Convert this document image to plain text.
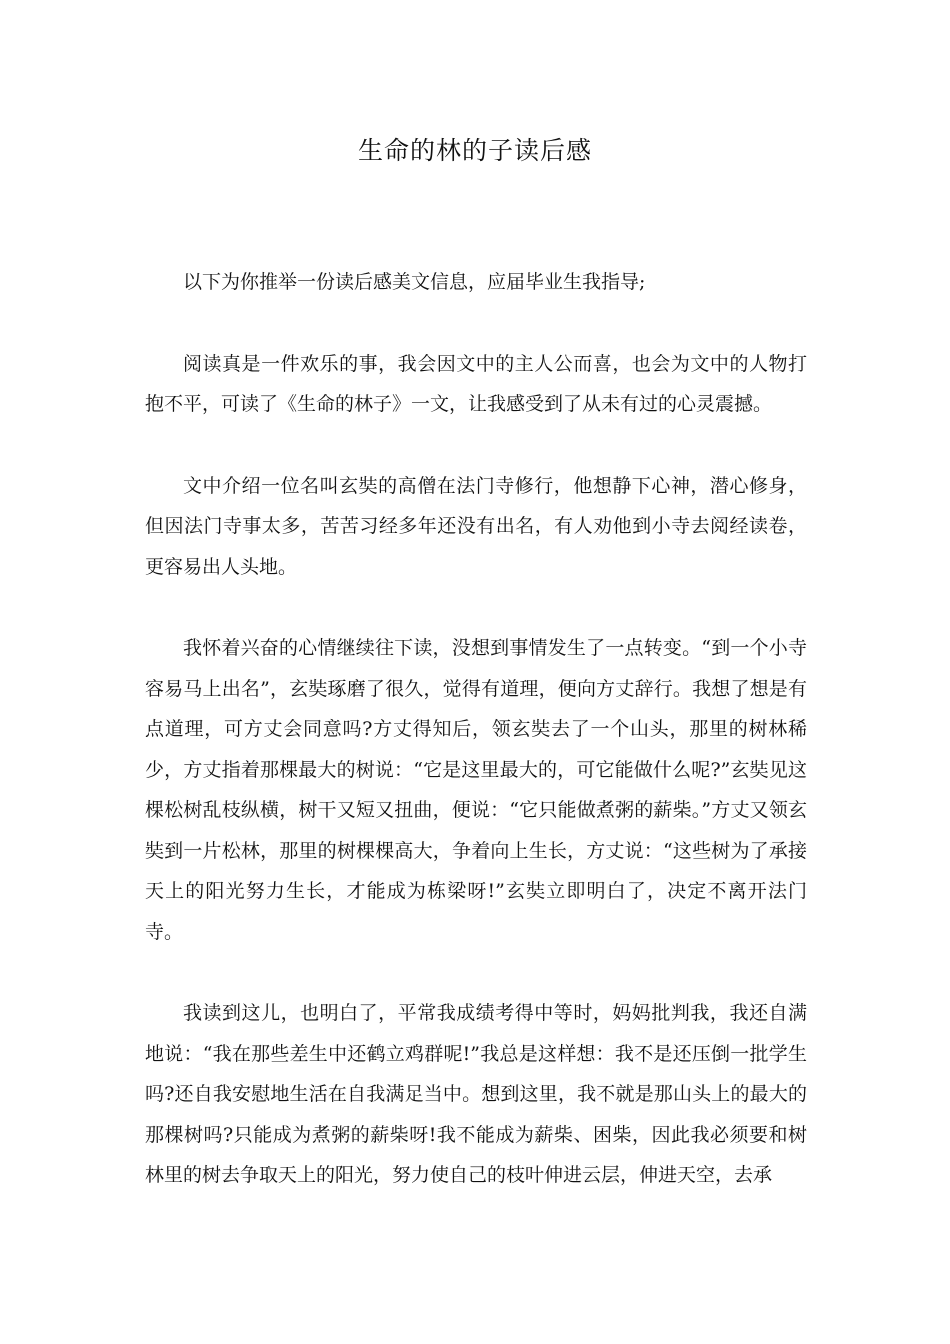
生命的林的子读后感

以下为你推举一份读后感美文信息，应届毕业生我指导;

阅读真是一件欢乐的事，我会因文中的主人公而喜，也会为文中的人物打抱不平，可读了《生命的林子》一文，让我感受到了从未有过的心灵震撼。

文中介绍一位名叫玄奘的高僧在法门寺修行，他想静下心神，潜心修身，但因法门寺事太多，苦苦习经多年还没有出名，有人劝他到小寺去阅经读卷，更容易出人头地。

我怀着兴奋的心情继续往下读，没想到事情发生了一点转变。“到一个小寺容易马上出名”，玄奘琢磨了很久，觉得有道理，便向方丈辞行。我想了想是有点道理，可方丈会同意吗?方丈得知后，领玄奘去了一个山头，那里的树林稀少，方丈指着那棵最大的树说：“它是这里最大的，可它能做什么呢?”玄奘见这棵松树乱枝纵横，树干又短又扭曲，便说：“它只能做煮粥的薪柴。”方丈又领玄奘到一片松林，那里的树棵棵高大，争着向上生长，方丈说：“这些树为了承接天上的阳光努力生长，才能成为栋梁呀!”玄奘立即明白了，决定不离开法门寺。

我读到这儿，也明白了，平常我成绩考得中等时，妈妈批判我，我还自满地说：“我在那些差生中还鹤立鸡群呢!”我总是这样想：我不是还压倒一批学生吗?还自我安慰地生活在自我满足当中。想到这里，我不就是那山头上的最大的那棵树吗?只能成为煮粥的薪柴呀!我不能成为薪柴、困柴，因此我必须要和树林里的树去争取天上的阳光，努力使自己的枝叶伸进云层，伸进天空，去承
